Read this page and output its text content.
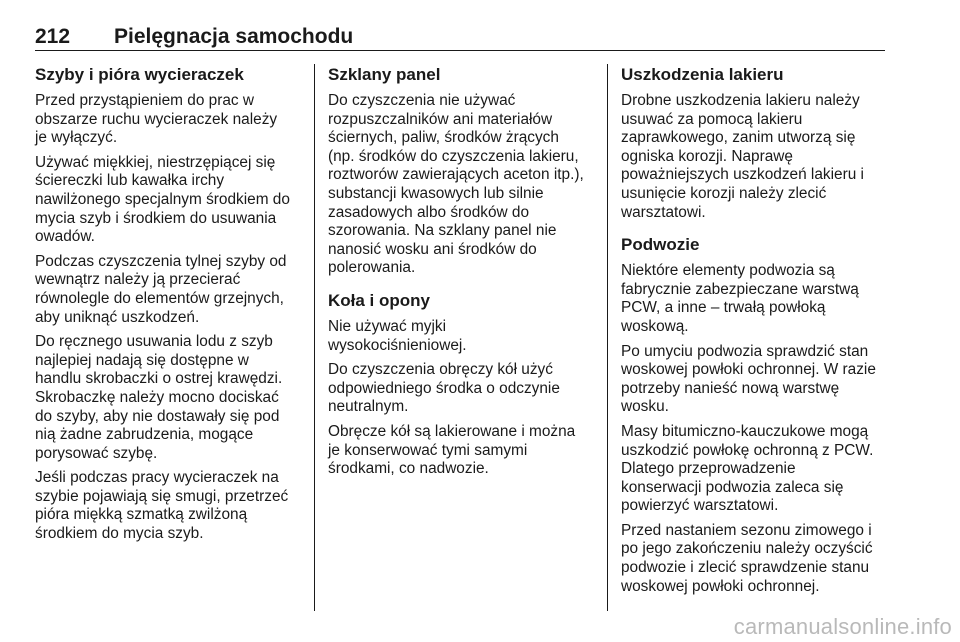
212 Pielęgnacja samochodu
Szyby i pióra wycieraczek

Przed przystąpieniem do prac w
obszarze ruchu wycieraczek należy
je wyłączyć.

Używać miękkiej, niestrzępiącej się
ściereczki lub kawałka irchy
nawilżonego specjalnym środkiem do
mycia szyb i środkiem do usuwania
owadów.

Podczas czyszczenia tylnej szyby od
wewnątrz należy ją przecierać
równolegle do elementów grzejnych,
aby uniknąć uszkodzeń.

Do ręcznego usuwania lodu z szyb
najlepiej nadają się dostępne w
handlu skrobaczki o ostrej krawędzi.
Skrobaczkę należy mocno dociskać
do szyby, aby nie dostawały się pod
nią żadne zabrudzenia, mogące
porysować szybę.

Jeśli podczas pracy wycieraczek na
szybie pojawiają się smugi, przetrzeć
pióra miękką szmatką zwilżoną
środkiem do mycia szyb.

Szklany panel

Do czyszczenia nie używać
rozpuszczalników ani materiałów
ściernych, paliw, środków żrących
(np. środków do czyszczenia lakieru,
roztworów zawierających aceton itp.),
substancji kwasowych lub silnie
zasadowych albo środków do
szorowania. Na szklany panel nie
nanosić wosku ani środków do
polerowania.

Koła i opony

Nie używać myjki
wysokociśnieniowej.

Do czyszczenia obręczy kół użyć
odpowiedniego środka o odczynie
neutralnym.

Obręcze kół są lakierowane i można
je konserwować tymi samymi
środkami, co nadwozie.

Uszkodzenia lakieru

Drobne uszkodzenia lakieru należy
usuwać za pomocą lakieru
zaprawkowego, zanim utworzą się
ogniska korozji. Naprawę
poważniejszych uszkodzeń lakieru i
usunięcie korozji należy zlecić
warsztatowi.

Podwozie

Niektóre elementy podwozia są
fabrycznie zabezpieczane warstwą
PCW, a inne – trwałą powłoką
woskową.

Po umyciu podwozia sprawdzić stan
woskowej powłoki ochronnej. W razie
potrzeby nanieść nową warstwę
wosku.

Masy bitumiczno-kauczukowe mogą
uszkodzić powłokę ochronną z PCW.
Dlatego przeprowadzenie
konserwacji podwozia zaleca się
powierzyć warsztatowi.

Przed nastaniem sezonu zimowego i
po jego zakończeniu należy oczyścić
podwozie i zlecić sprawdzenie stanu
woskowej powłoki ochronnej.

carmanualsonline.info
